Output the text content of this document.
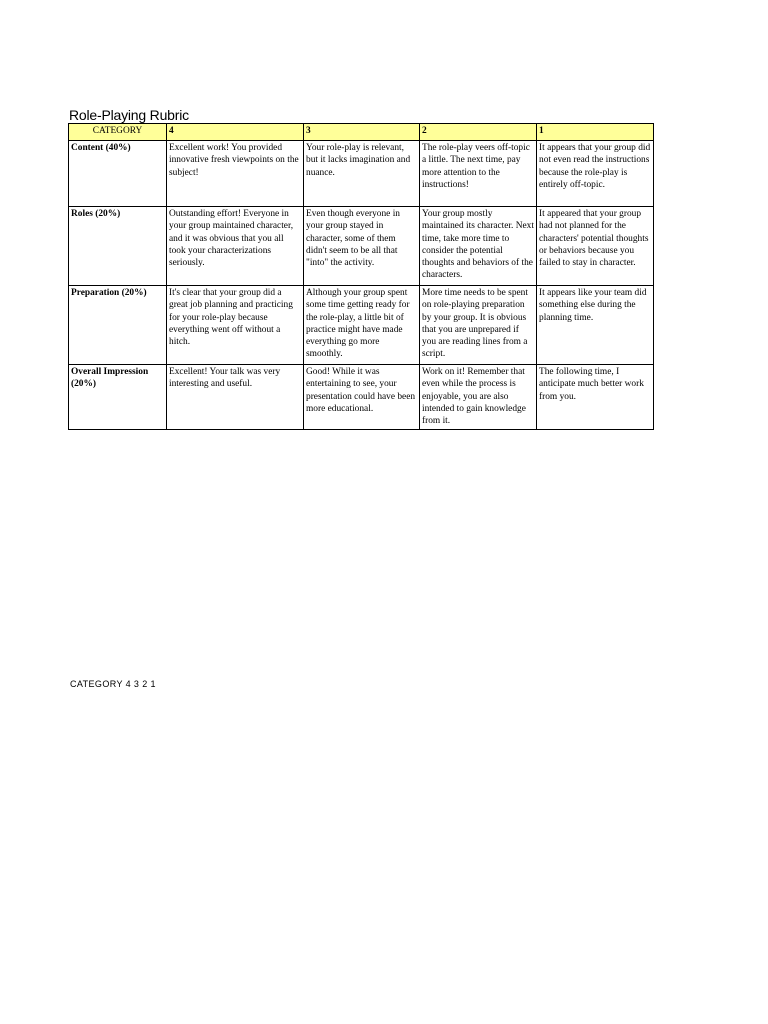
Role-Playing Rubric
CATEGORY	4	3	2	1
Content (40%)	Excellent work! You provided innovative fresh viewpoints on the subject!	Your role-play is relevant, but it lacks imagination and nuance.	The role-play veers off-topic a little. The next time, pay more attention to the instructions!	It appears that your group did not even read the instructions because the role-play is entirely off-topic.
Roles (20%)	Outstanding effort! Everyone in your group maintained character, and it was obvious that you all took your characterizations seriously.	Even though everyone in your group stayed in character, some of them didn't seem to be all that "into" the activity.	Your group mostly maintained its character. Next time, take more time to consider the potential thoughts and behaviors of the characters.	It appeared that your group had not planned for the characters' potential thoughts or behaviors because you failed to stay in character.
Preparation (20%)	It's clear that your group did a great job planning and practicing for your role-play because everything went off without a hitch.	Although your group spent some time getting ready for the role-play, a little bit of practice might have made everything go more smoothly.	More time needs to be spent on role-playing preparation by your group. It is obvious that you are unprepared if you are reading lines from a script.	It appears like your team did something else during the planning time.
Overall Impression (20%)	Excellent! Your talk was very interesting and useful.	Good! While it was entertaining to see, your presentation could have been more educational.	Work on it! Remember that even while the process is enjoyable, you are also intended to gain knowledge from it.	The following time, I anticipate much better work from you.
CATEGORY 4 3 2 1
